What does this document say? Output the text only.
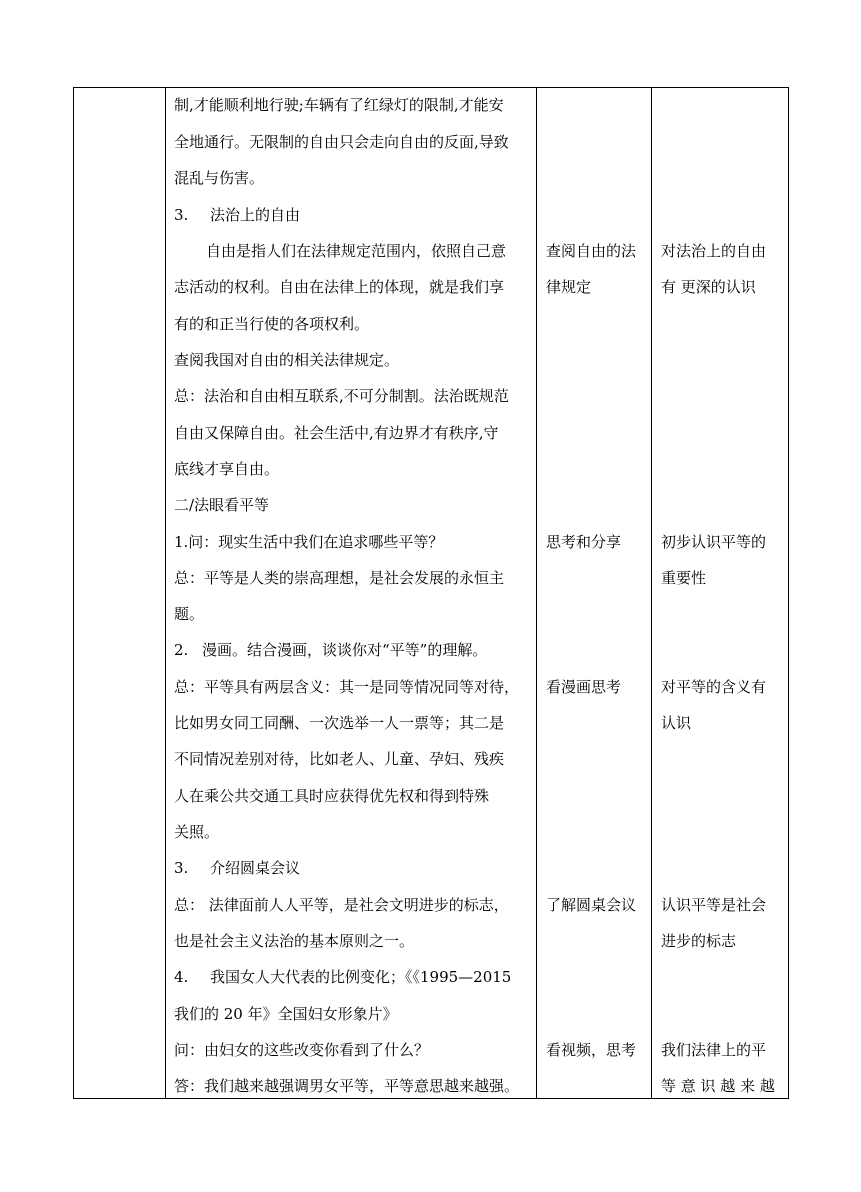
制,才能顺利地行驶;车辆有了红绿灯的限制,才能安
全地通行。无限制的自由只会走向自由的反面,导致
混乱与伤害。
3. 法治上的自由
自由是指人们在法律规定范围内，依照自己意
志活动的权利。自由在法律上的体现，就是我们享
有的和正当行使的各项权利。
查阅我国对自由的相关法律规定。
总：法治和自由相互联系,不可分制割。法治既规范
自由又保障自由。社会生活中,有边界才有秩序,守
底线才享自由。
二/法眼看平等
1.问：现实生活中我们在追求哪些平等？
总：平等是人类的崇高理想，是社会发展的永恒主
题。
2. 漫画。结合漫画，谈谈你对“平等”的理解。
总：平等具有两层含义：其一是同等情况同等对待，
比如男女同工同酬、一次选举一人一票等；其二是
不同情况差别对待，比如老人、儿童、孕妇、残疾
人在乘公共交通工具时应获得优先权和得到特殊
关照。
3. 介绍圆桌会议
总： 法律面前人人平等，是社会文明进步的标志，
也是社会主义法治的基本原则之一。
4. 我国女人大代表的比例变化；《《1995—2015
我们的 20 年》全国妇女形象片》
问：由妇女的这些改变你看到了什么？
答：我们越来越强调男女平等，平等意思越来越强。
查阅自由的法
律规定
思考和分享
看漫画思考
了解圆桌会议
看视频，思考
对法治上的自由
有 更深的认识
初步认识平等的
重要性
对平等的含义有
认识
认识平等是社会
进步的标志
我们法律上的平
等 意 识 越 来 越
